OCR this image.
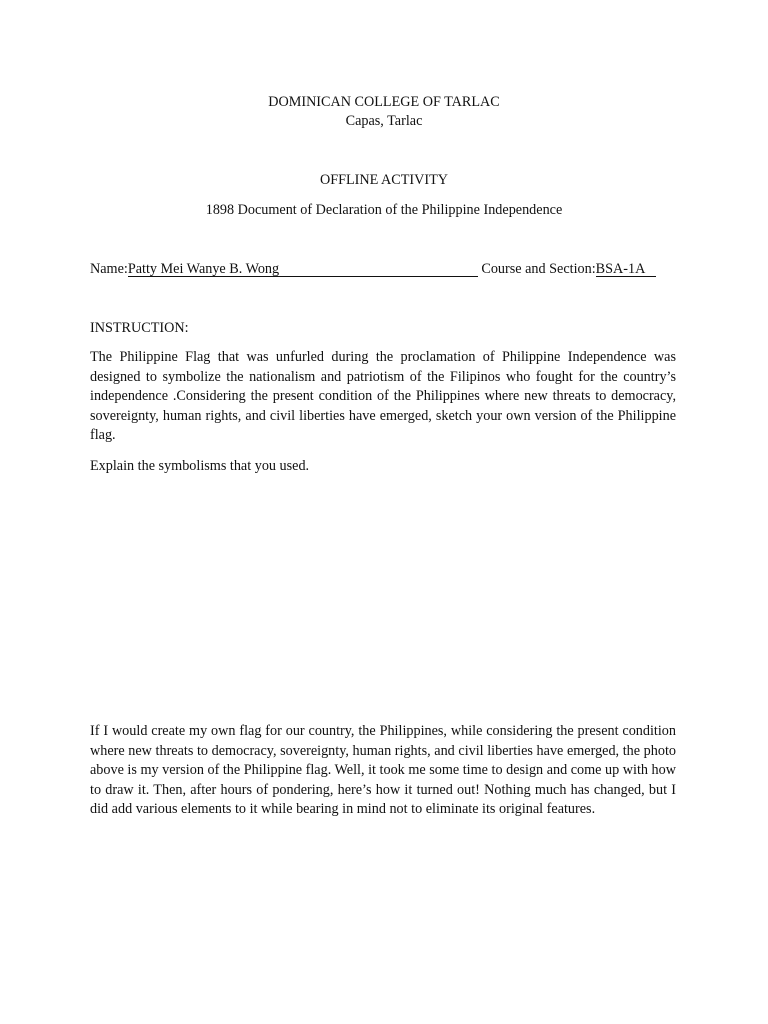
DOMINICAN COLLEGE OF TARLAC
Capas, Tarlac
OFFLINE ACTIVITY
1898 Document of Declaration of the Philippine Independence
Name:Patty Mei Wanye B. Wong	Course and Section:BSA-1A
INSTRUCTION:

The Philippine Flag that was unfurled during the proclamation of Philippine Independence was designed to symbolize the nationalism and patriotism of the Filipinos who fought for the country’s independence .Considering the present condition of the Philippines where new threats to democracy, sovereignty, human rights, and civil liberties have emerged, sketch your own version of the Philippine flag.

Explain the symbolisms that you used.

If I would create my own flag for our country, the Philippines, while considering the present condition where new threats to democracy, sovereignty, human rights, and civil liberties have emerged, the photo above is my version of the Philippine flag. Well, it took me some time to design and come up with how to draw it. Then, after hours of pondering, here’s how it turned out! Nothing much has changed, but I did add various elements to it while bearing in mind not to eliminate its original features.
